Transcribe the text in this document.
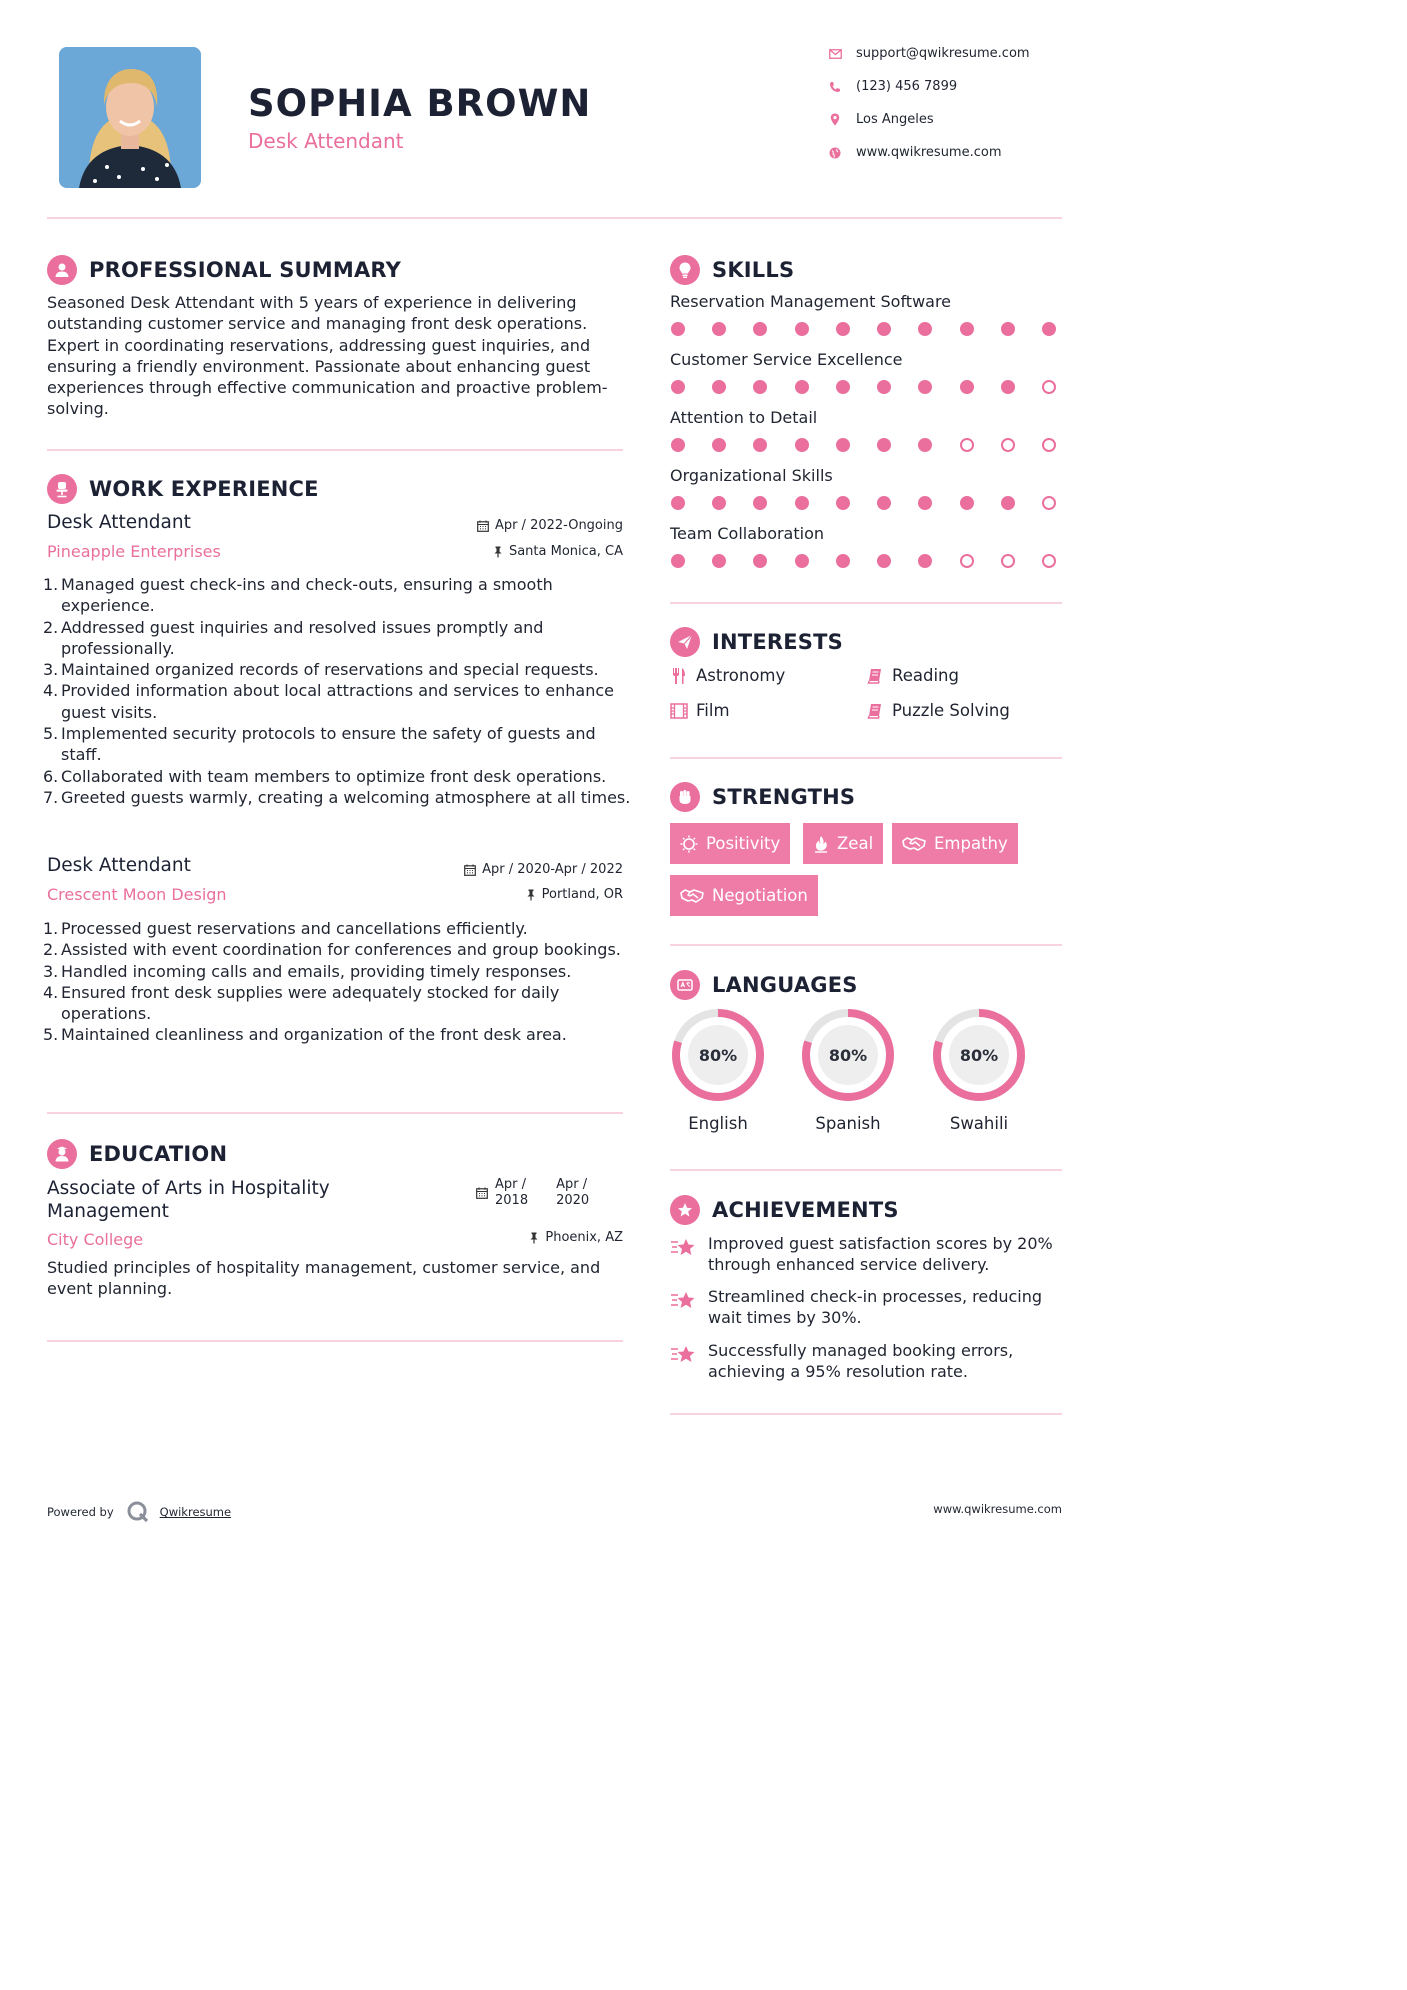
SOPHIA BROWN
Desk Attendant
support@qwikresume.com
(123) 456 7899
Los Angeles
www.qwikresume.com
PROFESSIONAL SUMMARY
Seasoned Desk Attendant with 5 years of experience in delivering outstanding customer service and managing front desk operations. Expert in coordinating reservations, addressing guest inquiries, and ensuring a friendly environment. Passionate about enhancing guest experiences through effective communication and proactive problem-solving.
WORK EXPERIENCE
Desk Attendant
Pineapple Enterprises
Apr / 2022-Ongoing
Santa Monica, CA
1. Managed guest check-ins and check-outs, ensuring a smooth experience.
2. Addressed guest inquiries and resolved issues promptly and professionally.
3. Maintained organized records of reservations and special requests.
4. Provided information about local attractions and services to enhance guest visits.
5. Implemented security protocols to ensure the safety of guests and staff.
6. Collaborated with team members to optimize front desk operations.
7. Greeted guests warmly, creating a welcoming atmosphere at all times.
Desk Attendant
Crescent Moon Design
Apr / 2020-Apr / 2022
Portland, OR
1. Processed guest reservations and cancellations efficiently.
2. Assisted with event coordination for conferences and group bookings.
3. Handled incoming calls and emails, providing timely responses.
4. Ensured front desk supplies were adequately stocked for daily operations.
5. Maintained cleanliness and organization of the front desk area.
EDUCATION
Associate of Arts in Hospitality
Management
City College
Apr /
2018
Apr /
2020
Phoenix, AZ
Studied principles of hospitality management, customer service, and event planning.
SKILLS
Reservation Management Software
Customer Service Excellence
Attention to Detail
Organizational Skills
Team Collaboration
INTERESTS
Astronomy	Reading
Film	Puzzle Solving
STRENGTHS
Positivity	Zeal	Empathy
Negotiation
LANGUAGES
80%
English
80%
Spanish
80%
Swahili
ACHIEVEMENTS
Improved guest satisfaction scores by 20% through enhanced service delivery.
Streamlined check-in processes, reducing wait times by 30%.
Successfully managed booking errors, achieving a 95% resolution rate.
Powered by	Qwikresume	www.qwikresume.com
